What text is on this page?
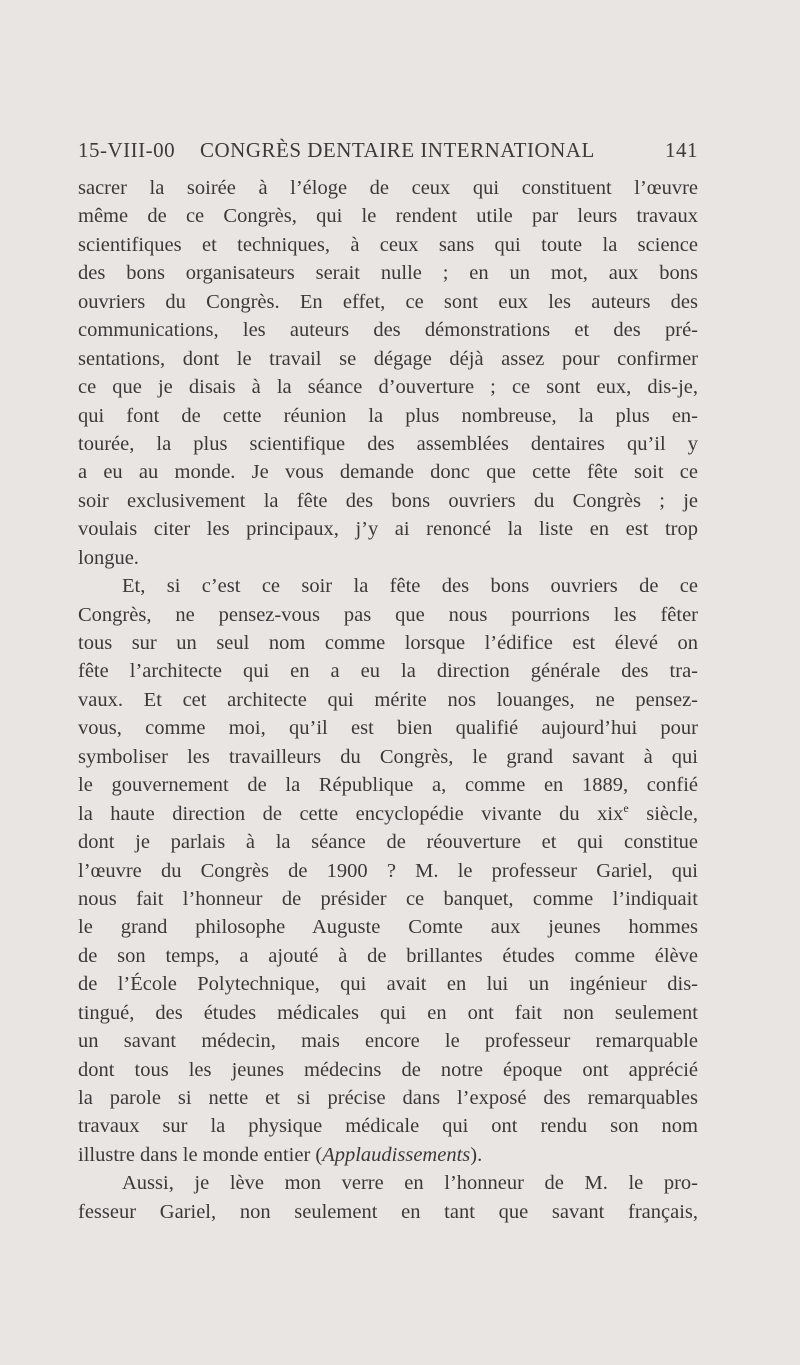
15-VIII-00 CONGRÈS DENTAIRE INTERNATIONAL	141
sacrer la soirée à l’éloge de ceux qui constituent l’œuvre
même de ce Congrès, qui le rendent utile par leurs travaux
scientifiques et techniques, à ceux sans qui toute la science
des bons organisateurs serait nulle ; en un mot, aux bons
ouvriers du Congrès. En effet, ce sont eux les auteurs des
communications, les auteurs des démonstrations et des pré-
sentations, dont le travail se dégage déjà assez pour confirmer
ce que je disais à la séance d’ouverture ; ce sont eux, dis-je,
qui font de cette réunion la plus nombreuse, la plus en-
tourée, la plus scientifique des assemblées dentaires qu’il y
a eu au monde. Je vous demande donc que cette fête soit ce
soir exclusivement la fête des bons ouvriers du Congrès ; je
voulais citer les principaux, j’y ai renoncé la liste en est trop
longue.
Et, si c’est ce soir la fête des bons ouvriers de ce
Congrès, ne pensez-vous pas que nous pourrions les fêter
tous sur un seul nom comme lorsque l’édifice est élevé on
fête l’architecte qui en a eu la direction générale des tra-
vaux. Et cet architecte qui mérite nos louanges, ne pensez-
vous, comme moi, qu’il est bien qualifié aujourd’hui pour
symboliser les travailleurs du Congrès, le grand savant à qui
le gouvernement de la République a, comme en 1889, confié
la haute direction de cette encyclopédie vivante du xix$^e$ siècle,
dont je parlais à la séance de réouverture et qui constitue
l’œuvre du Congrès de 1900 ? M. le professeur Gariel, qui
nous fait l’honneur de présider ce banquet, comme l’indiquait
le grand philosophe Auguste Comte aux jeunes hommes
de son temps, a ajouté à de brillantes études comme élève
de l’École Polytechnique, qui avait en lui un ingénieur dis-
tingué, des études médicales qui en ont fait non seulement
un savant médecin, mais encore le professeur remarquable
dont tous les jeunes médecins de notre époque ont apprécié
la parole si nette et si précise dans l’exposé des remarquables
travaux sur la physique médicale qui ont rendu son nom
illustre dans le monde entier (Applaudissements).
Aussi, je lève mon verre en l’honneur de M. le pro-
fesseur Gariel, non seulement en tant que savant français,
